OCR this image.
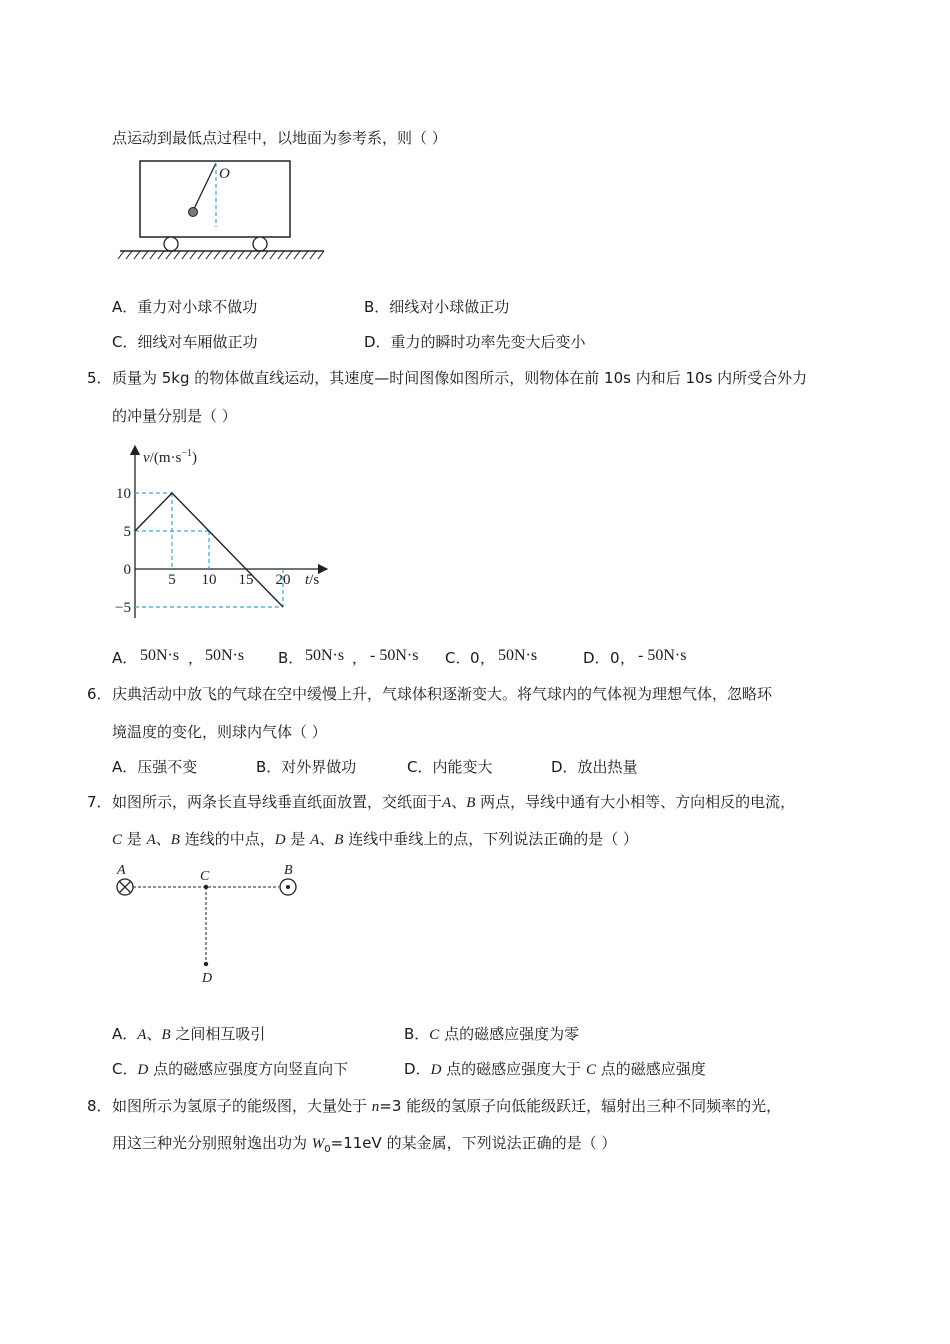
点运动到最低点过程中，以地面为参考系，则（ ）
O
A．重力对小球不做功	B．细线对小球做正功
C．细线对车厢做正功	D．重力的瞬时功率先变大后变小
5． 质量为 5kg 的物体做直线运动，其速度—时间图像如图所示，则物体在前 10s 内和后 10s 内所受合外力
的冲量分别是（ ）
$v/(m\cdot s^{-1})$
t/s
10
5
0
−5
5 10 15 20
A． 50N·s ， 50N·s B． 50N·s ， - 50N·s C． 0 ， 50N·s	D． 0 ， - 50N·s
6． 庆典活动中放飞的气球在空中缓慢上升，气球体积逐渐变大。将气球内的气体视为理想气体，忽略环
境温度的变化，则球内气体（ ）
A．压强不变	B．对外界做功	C．内能变大	D．放出热量
7． 如图所示，两条长直导线垂直纸面放置，交纸面于A、B 两点，导线中通有大小相等、方向相反的电流，
C 是 A、B 连线的中点，D 是 A、B 连线中垂线上的点，下列说法正确的是（ ）
A	C	B
D
A．A、B 之间相互吸引	B．C 点的磁感应强度为零
C．D 点的磁感应强度方向竖直向下	D．D 点的磁感应强度大于 C 点的磁感应强度
8． 如图所示为氢原子的能级图，大量处于 n=3 能级的氢原子向低能级跃迁，辐射出三种不同频率的光，
用这三种光分别照射逸出功为 $W_0=11eV$ 的某金属，下列说法正确的是（ ）
